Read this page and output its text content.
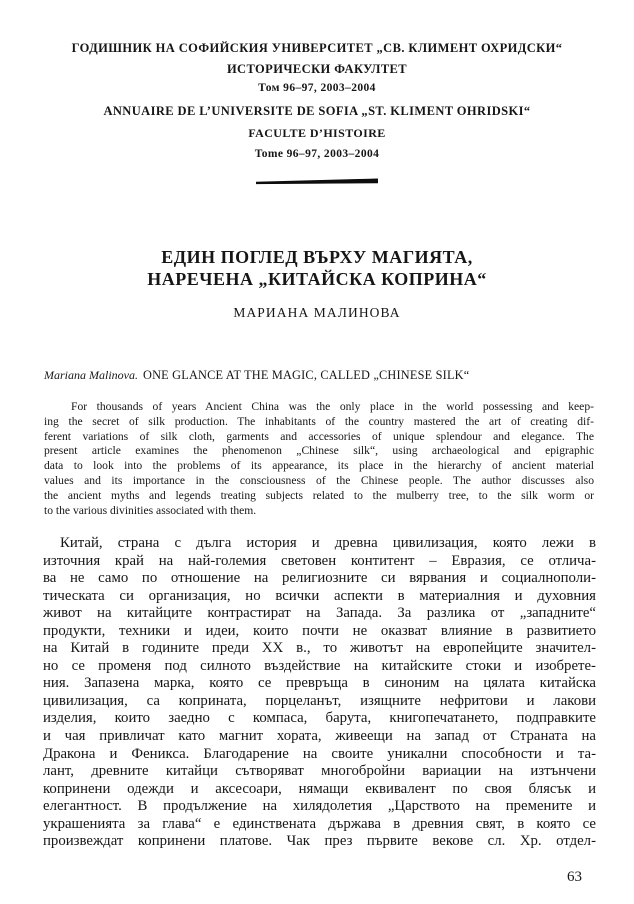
ГОДИШНИК НА СОФИЙСКИЯ УНИВЕРСИТЕТ „СВ. КЛИМЕНТ ОХРИДСКИ“
ИСТОРИЧЕСКИ ФАКУЛТЕТ
Том 96–97, 2003–2004
ANNUAIRE DE L’UNIVERSITE DE SOFIA „ST. KLIMENT OHRIDSKI“
FACULTE D’HISTOIRE
Tome 96–97, 2003–2004
ЕДИН ПОГЛЕД ВЪРХУ МАГИЯТА,
НАРЕЧЕНА „КИТАЙСКА КОПРИНА“
МАРИАНА МАЛИНОВА
Mariana Malinova. ONE GLANCE AT THE MAGIC, CALLED „CHINESE SILK“
For thousands of years Ancient China was the only place in the world possessing and keep-
ing the secret of silk production. The inhabitants of the country mastered the art of creating dif-
ferent variations of silk cloth, garments and accessories of unique splendour and elegance. The
present article examines the phenomenon „Chinese silk“, using archaeological and epigraphic
data to look into the problems of its appearance, its place in the hierarchy of ancient material
values and its importance in the consciousness of the Chinese people. The author discusses also
the ancient myths and legends treating subjects related to the mulberry tree, to the silk worm or
to the various divinities associated with them.
Китай, страна с дълга история и древна цивилизация, която лежи в
източния край на най-големия световен контитент – Евразия, се отлича-
ва не само по отношение на религиозните си вярвания и социалнополи-
тическата си организация, но всички аспекти в материалния и духовния
живот на китайците контрастират на Запада. За разлика от „западните“
продукти, техники и идеи, които почти не оказват влияние в развитието
на Китай в годините преди XX в., то животът на европейците значител-
но се променя под силното въздействие на китайските стоки и изобрете-
ния. Запазена марка, която се превръща в синоним на цялата китайска
цивилизация, са коприната, порцеланът, изящните нефритови и лакови
изделия, които заедно с компаса, барута, книгопечатането, подправките
и чая привличат като магнит хората, живеещи на запад от Страната на
Дракона и Феникса. Благодарение на своите уникални способности и та-
лант, древните китайци сътворяват многобройни вариации на изтънчени
копринени одежди и аксесоари, нямащи еквивалент по своя блясък и
елегантност. В продължение на хилядолетия „Царството на премените и
украшенията за глава“ е единствената държава в древния свят, в която се
произвеждат копринени платове. Чак през първите векове сл. Хр. отдел-
63
